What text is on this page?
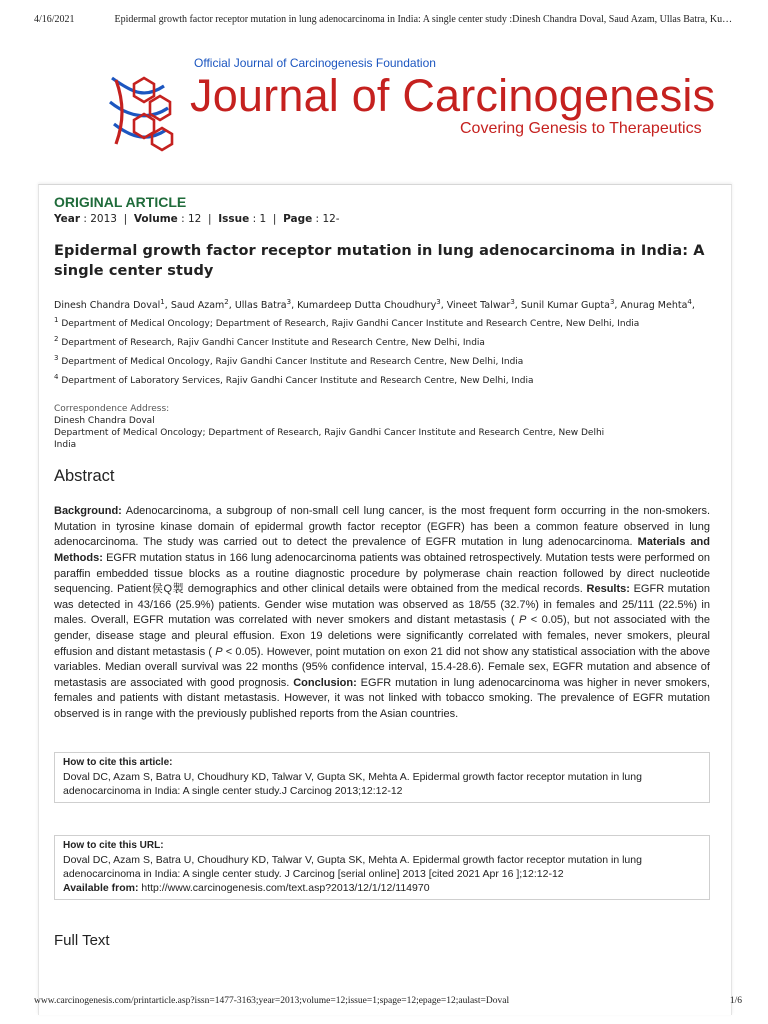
4/16/2021	Epidermal growth factor receptor mutation in lung adenocarcinoma in India: A single center study :Dinesh Chandra Doval, Saud Azam, Ullas Batra, Ku…
Official Journal of Carcinogenesis Foundation
Journal of Carcinogenesis
Covering Genesis to Therapeutics

ORIGINAL ARTICLE

Year : 2013  |  Volume : 12  |  Issue : 1  |  Page : 12-
Epidermal growth factor receptor mutation in lung adenocarcinoma in India: A single center study
Dinesh Chandra Doval$^1$, Saud Azam$^2$, Ullas Batra$^3$, Kumardeep Dutta Choudhury$^3$, Vineet Talwar$^3$, Sunil Kumar Gupta$^3$, Anurag Mehta$^4$,
$^1$ Department of Medical Oncology; Department of Research, Rajiv Gandhi Cancer Institute and Research Centre, New Delhi, India
$^2$ Department of Research, Rajiv Gandhi Cancer Institute and Research Centre, New Delhi, India
$^3$ Department of Medical Oncology, Rajiv Gandhi Cancer Institute and Research Centre, New Delhi, India
$^4$ Department of Laboratory Services, Rajiv Gandhi Cancer Institute and Research Centre, New Delhi, India
Correspondence Address:
Dinesh Chandra Doval
Department of Medical Oncology; Department of Research, Rajiv Gandhi Cancer Institute and Research Centre, New Delhi
India
Abstract
Background: Adenocarcinoma, a subgroup of non-small cell lung cancer, is the most frequent form occurring in the non-smokers. Mutation in tyrosine kinase domain of epidermal growth factor receptor (EGFR) has been a common feature observed in lung adenocarcinoma. The study was carried out to detect the prevalence of EGFR mutation in lung adenocarcinoma. Materials and Methods: EGFR mutation status in 166 lung adenocarcinoma patients was obtained retrospectively. Mutation tests were performed on paraffin embedded tissue blocks as a routine diagnostic procedure by polymerase chain reaction followed by direct nucleotide sequencing. Patient侯Q製 demographics and other clinical details were obtained from the medical records. Results: EGFR mutation was detected in 43/166 (25.9%) patients. Gender wise mutation was observed as 18/55 (32.7%) in females and 25/111 (22.5%) in males. Overall, EGFR mutation was correlated with never smokers and distant metastasis ( P < 0.05), but not associated with the gender, disease stage and pleural effusion. Exon 19 deletions were significantly correlated with females, never smokers, pleural effusion and distant metastasis ( P < 0.05). However, point mutation on exon 21 did not show any statistical association with the above variables. Median overall survival was 22 months (95% confidence interval, 15.4-28.6). Female sex, EGFR mutation and absence of metastasis are associated with good prognosis. Conclusion: EGFR mutation in lung adenocarcinoma was higher in never smokers, females and patients with distant metastasis. However, it was not linked with tobacco smoking. The prevalence of EGFR mutation observed is in range with the previously published reports from the Asian countries.
How to cite this article:
Doval DC, Azam S, Batra U, Choudhury KD, Talwar V, Gupta SK, Mehta A. Epidermal growth factor receptor mutation in lung adenocarcinoma in India: A single center study.J Carcinog 2013;12:12-12
How to cite this URL:
Doval DC, Azam S, Batra U, Choudhury KD, Talwar V, Gupta SK, Mehta A. Epidermal growth factor receptor mutation in lung adenocarcinoma in India: A single center study. J Carcinog [serial online] 2013 [cited 2021 Apr 16 ];12:12-12
Available from: http://www.carcinogenesis.com/text.asp?2013/12/1/12/114970
Full Text
www.carcinogenesis.com/printarticle.asp?issn=1477-3163;year=2013;volume=12;issue=1;spage=12;epage=12;aulast=Doval	1/6
